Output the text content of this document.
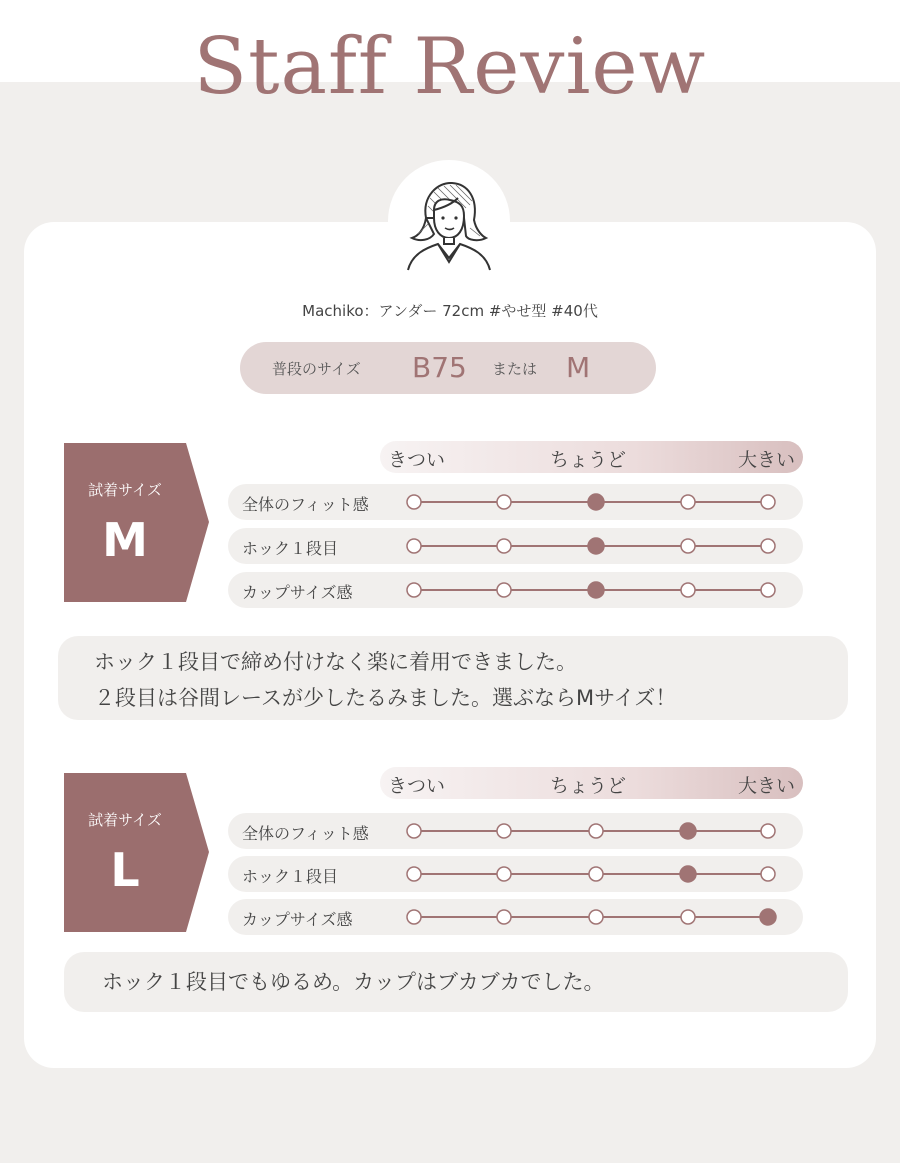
Staff Review
Machiko：アンダー 72cm #やせ型 #40代
普段のサイズ B75 または M
試着サイズ
M
きつい	ちょうど	大きい
全体のフィット感
ホック１段目
カップサイズ感
ホック１段目で締め付けなく楽に着用できました。
２段目は谷間レースが少したるみました。選ぶならMサイズ！
試着サイズ
L
きつい	ちょうど	大きい
全体のフィット感
ホック１段目
カップサイズ感
ホック１段目でもゆるめ。カップはブカブカでした。
